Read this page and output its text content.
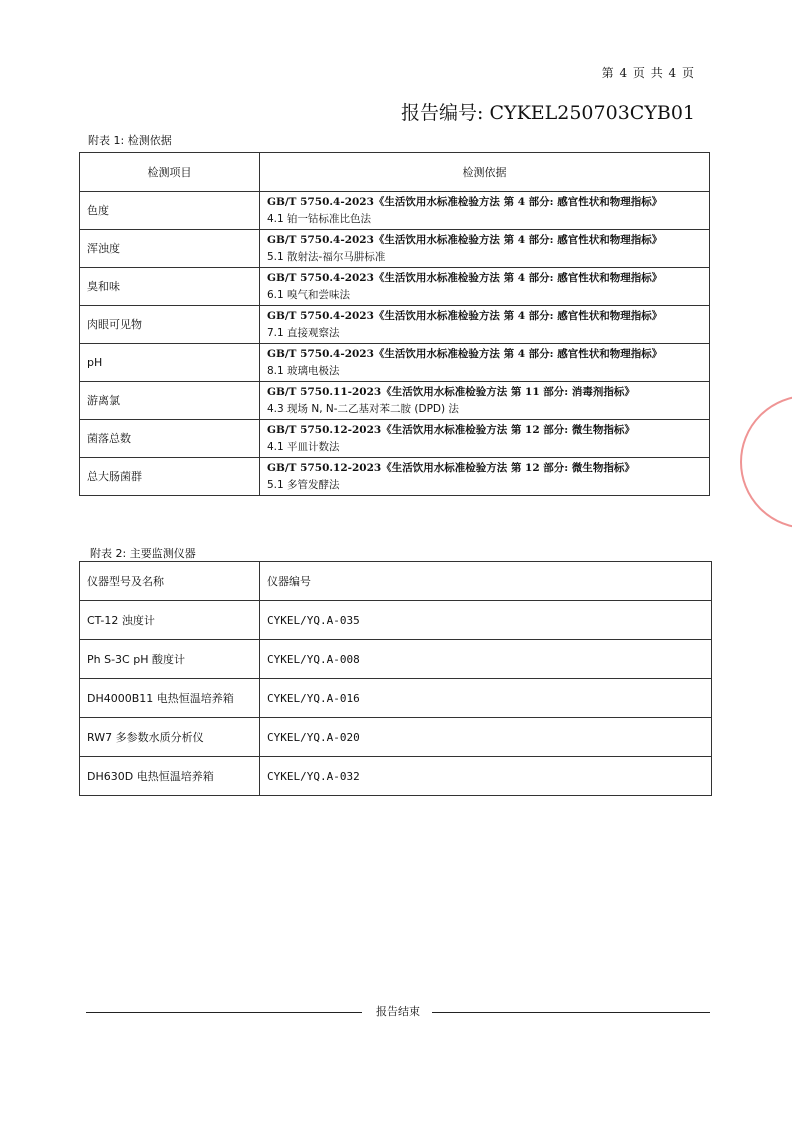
第 4 页 共 4 页
报告编号: CYKEL250703CYB01
附表 1: 检测依据
检测项目	检测依据
色度	GB/T 5750.4-2023《生活饮用水标准检验方法 第 4 部分: 感官性状和物理指标》
4.1 铂一钴标准比色法
浑浊度	GB/T 5750.4-2023《生活饮用水标准检验方法 第 4 部分: 感官性状和物理指标》
5.1 散射法-福尔马肼标准
臭和味	GB/T 5750.4-2023《生活饮用水标准检验方法 第 4 部分: 感官性状和物理指标》
6.1 嗅气和尝味法
肉眼可见物	GB/T 5750.4-2023《生活饮用水标准检验方法 第 4 部分: 感官性状和物理指标》
7.1 直接观察法
pH	GB/T 5750.4-2023《生活饮用水标准检验方法 第 4 部分: 感官性状和物理指标》
8.1 玻璃电极法
游离氯	GB/T 5750.11-2023《生活饮用水标准检验方法 第 11 部分: 消毒剂指标》
4.3 现场 N, N-二乙基对苯二胺 (DPD) 法
菌落总数	GB/T 5750.12-2023《生活饮用水标准检验方法 第 12 部分: 微生物指标》
4.1 平皿计数法
总大肠菌群	GB/T 5750.12-2023《生活饮用水标准检验方法 第 12 部分: 微生物指标》
5.1 多管发酵法
附表 2: 主要监测仪器
仪器型号及名称	仪器编号
CT-12 浊度计	CYKEL/YQ.A-035
Ph S-3C pH 酸度计	CYKEL/YQ.A-008
DH4000B11 电热恒温培养箱	CYKEL/YQ.A-016
RW7 多参数水质分析仪	CYKEL/YQ.A-020
DH630D 电热恒温培养箱	CYKEL/YQ.A-032
报告结束
